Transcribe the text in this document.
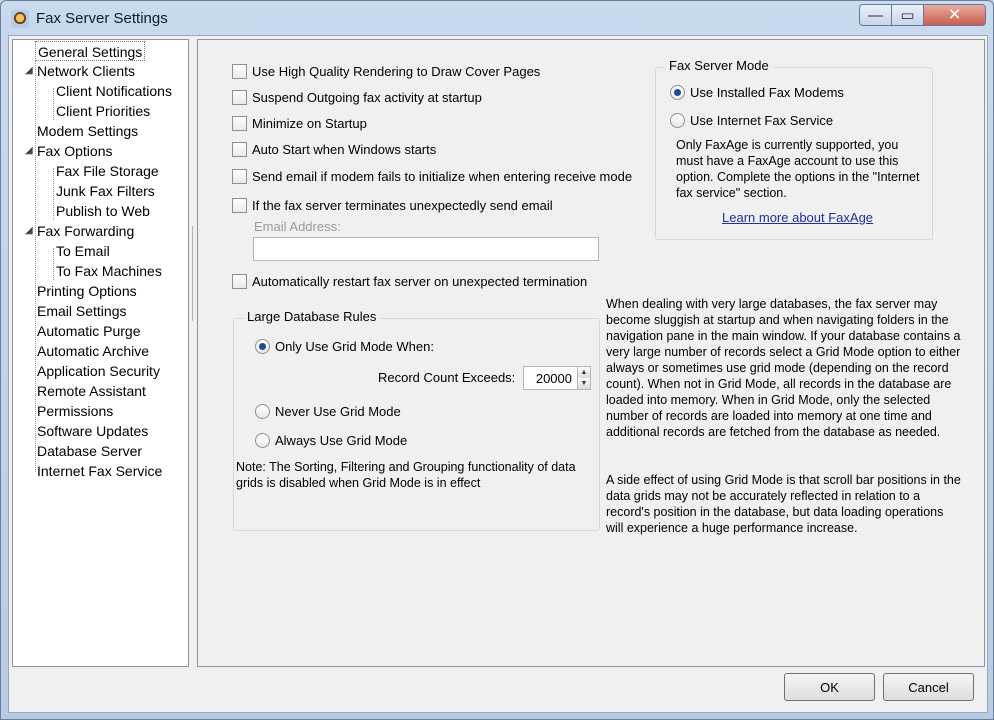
Fax Server Settings	—	▭	×
General Settings
◢ Network Clients
Client Notifications
Client Priorities
Modem Settings
◢ Fax Options
Fax File Storage
Junk Fax Filters
Publish to Web
◢ Fax Forwarding
To Email
To Fax Machines
Printing Options
Email Settings
Automatic Purge
Automatic Archive
Application Security
Remote Assistant
Permissions
Software Updates
Database Server
Internet Fax Service
Use High Quality Rendering to Draw Cover Pages
Suspend Outgoing fax activity at startup
Minimize on Startup
Auto Start when Windows starts
Send email if modem fails to initialize when entering receive mode
If the fax server terminates unexpectedly send email
Email Address:
Automatically restart fax server on unexpected termination
Fax Server Mode
Use Installed Fax Modems
Use Internet Fax Service
Only FaxAge is currently supported, you must have a FaxAge account to use this option. Complete the options in the "Internet fax service" section.
Learn more about FaxAge
Large Database Rules
Only Use Grid Mode When:
Record Count Exceeds: 20000	▲
▼
Never Use Grid Mode
Always Use Grid Mode
Note: The Sorting, Filtering and Grouping functionality of data grids is disabled when Grid Mode is in effect
When dealing with very large databases, the fax server may become sluggish at startup and when navigating folders in the navigation pane in the main window. If your database contains a very large number of records select a Grid Mode option to either always or sometimes use grid mode (depending on the record count). When not in Grid Mode, all records in the database are loaded into memory. When in Grid Mode, only the selected number of records are loaded into memory at one time and additional records are fetched from the database as needed.
A side effect of using Grid Mode is that scroll bar positions in the data grids may not be accurately reflected in relation to a record's position in the database, but data loading operations will experience a huge performance increase.
OK	Cancel
